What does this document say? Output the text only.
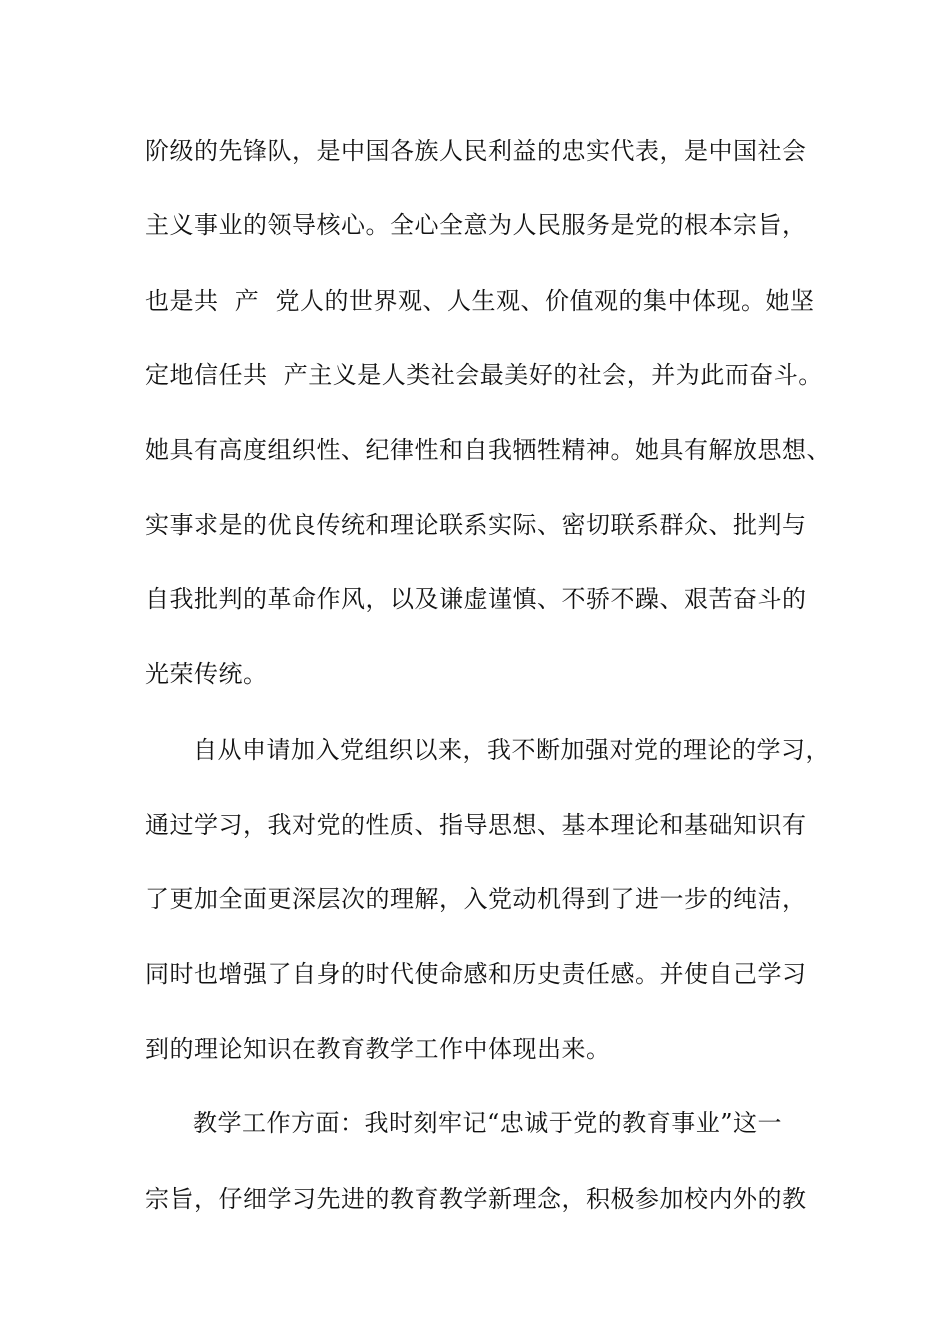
阶级的先锋队，是中国各族人民利益的忠实代表，是中国社会
主义事业的领导核心。全心全意为人民服务是党的根本宗旨，
也是共  产  党人的世界观、人生观、价值观的集中体现。她坚
定地信任共  产主义是人类社会最美好的社会，并为此而奋斗。
她具有高度组织性、纪律性和自我牺牲精神。她具有解放思想、
实事求是的优良传统和理论联系实际、密切联系群众、批判与
自我批判的革命作风，以及谦虚谨慎、不骄不躁、艰苦奋斗的
光荣传统。
自从申请加入党组织以来，我不断加强对党的理论的学习，
通过学习，我对党的性质、指导思想、基本理论和基础知识有
了更加全面更深层次的理解，入党动机得到了进一步的纯洁，
同时也增强了自身的时代使命感和历史责任感。并使自己学习
到的理论知识在教育教学工作中体现出来。
教学工作方面：我时刻牢记“忠诚于党的教育事业”这一
宗旨，仔细学习先进的教育教学新理念，积极参加校内外的教
